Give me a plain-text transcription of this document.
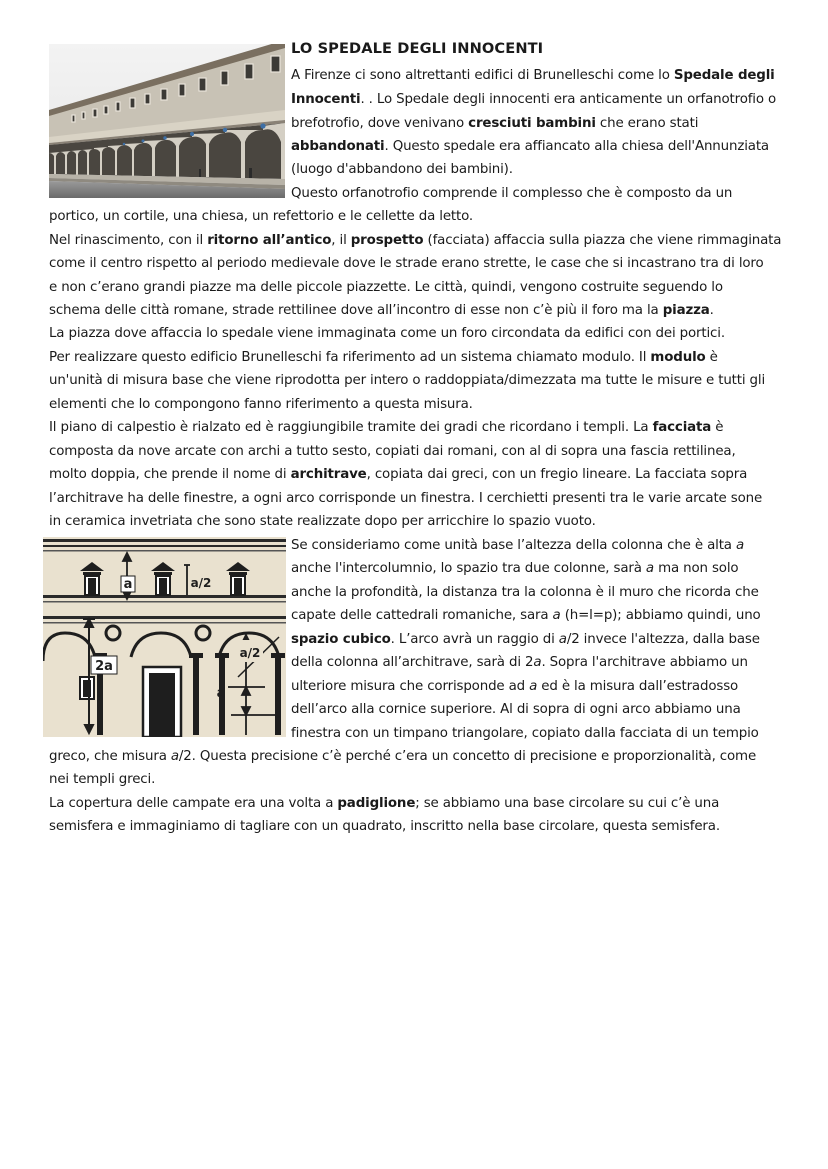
LO SPEDALE DEGLI INNOCENTI
A Firenze ci sono altrettanti edifici di Brunelleschi come lo Spedale degli
Innocenti. . Lo Spedale degli innocenti era anticamente un orfanotrofio o
brefotrofio, dove venivano cresciuti bambini che erano stati
abbandonati. Questo spedale era affiancato alla chiesa dell'Annunziata
(luogo d'abbandono dei bambini).
Questo orfanotrofio comprende il complesso che è composto da un
portico, un cortile, una chiesa, un refettorio e le cellette da letto.
Nel rinascimento, con il ritorno all’antico, il prospetto (facciata) affaccia sulla piazza che viene rimmaginata
come il centro rispetto al periodo medievale dove le strade erano strette, le case che si incastrano tra di loro
e non c’erano grandi piazze ma delle piccole piazzette. Le città, quindi, vengono costruite seguendo lo
schema delle città romane, strade rettilinee dove all’incontro di esse non c’è più il foro ma la piazza.
La piazza dove affaccia lo spedale viene immaginata come un foro circondata da edifici con dei portici.
Per realizzare questo edificio Brunelleschi fa riferimento ad un sistema chiamato modulo. Il modulo è
un'unità di misura base che viene riprodotta per intero o raddoppiata/dimezzata ma tutte le misure e tutti gli
elementi che lo compongono fanno riferimento a questa misura.
Il piano di calpestio è rialzato ed è raggiungibile tramite dei gradi che ricordano i templi. La facciata è
composta da nove arcate con archi a tutto sesto, copiati dai romani, con al di sopra una fascia rettilinea,
molto doppia, che prende il nome di architrave, copiata dai greci, con un fregio lineare. La facciata sopra
l’architrave ha delle finestre, a ogni arco corrisponde un finestra. I cerchietti presenti tra le varie arcate sone
in ceramica invetriata che sono state realizzate dopo per arricchire lo spazio vuoto.
a	a/2
a/2
2a
a
Se consideriamo come unità base l’altezza della colonna che è alta a
anche l'intercolumnio, lo spazio tra due colonne, sarà a ma non solo
anche la profondità, la distanza tra la colonna è il muro che ricorda che
capate delle cattedrali romaniche, sara a (h=l=p); abbiamo quindi, uno
spazio cubico. L’arco avrà un raggio di a/2 invece l'altezza, dalla base
della colonna all’architrave, sarà di 2a. Sopra l'architrave abbiamo un
ulteriore misura che corrisponde ad a ed è la misura dall’estradosso
dell’arco alla cornice superiore. Al di sopra di ogni arco abbiamo una
finestra con un timpano triangolare, copiato dalla facciata di un tempio
greco, che misura a/2. Questa precisione c’è perché c’era un concetto di precisione e proporzionalità, come
nei templi greci.
La copertura delle campate era una volta a padiglione; se abbiamo una base circolare su cui c’è una
semisfera e immaginiamo di tagliare con un quadrato, inscritto nella base circolare, questa semisfera.
